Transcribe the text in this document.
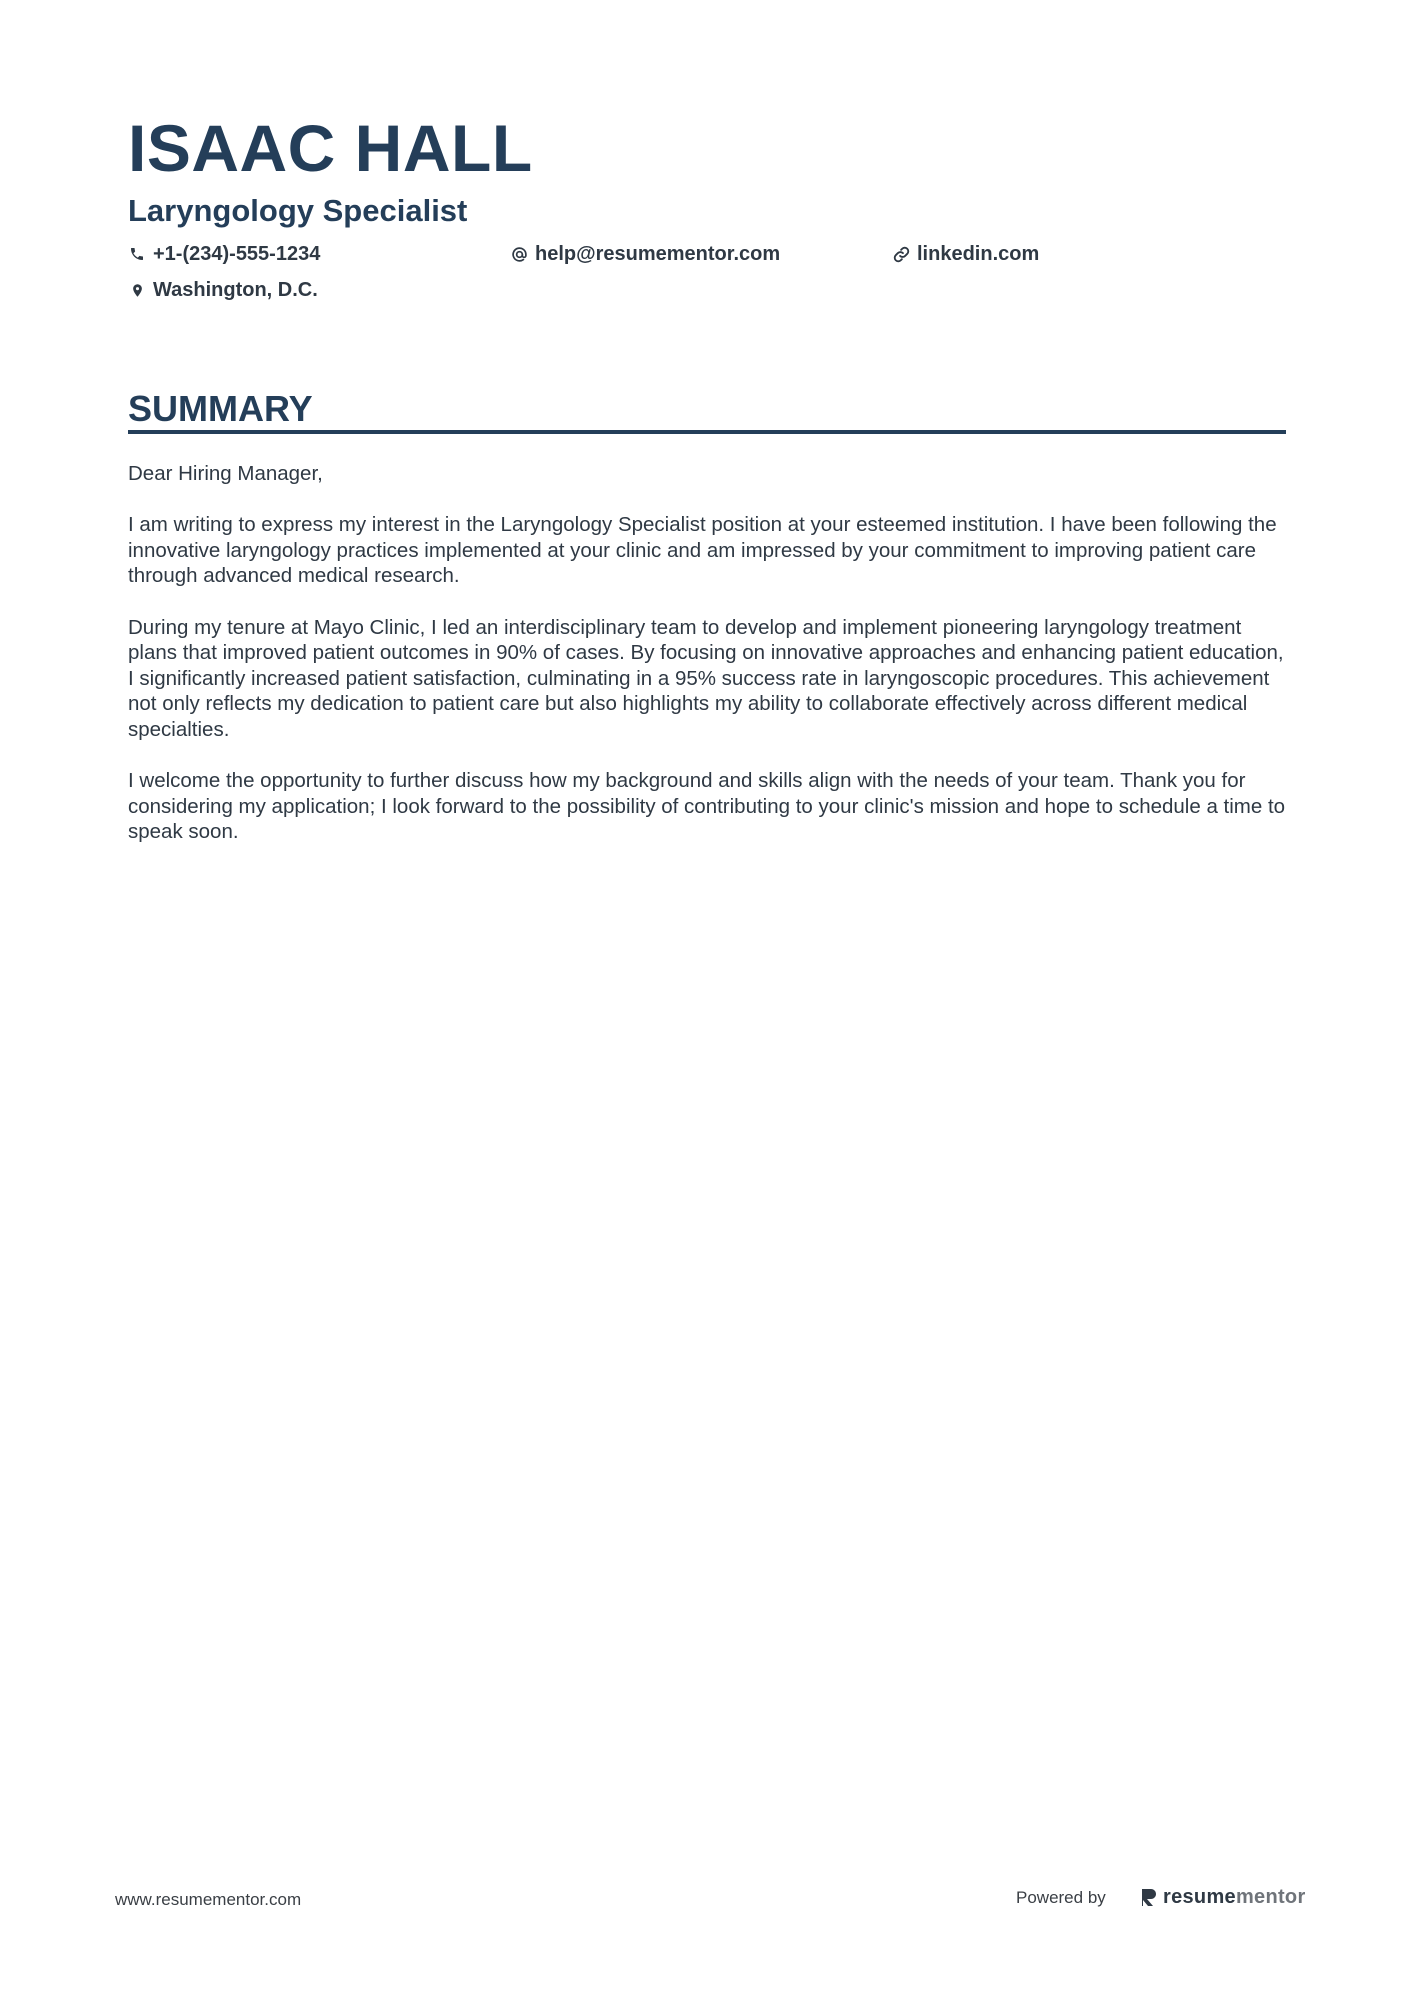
ISAAC HALL
Laryngology Specialist
+1-(234)-555-1234	help@resumementor.com	linkedin.com
Washington, D.C.
SUMMARY

Dear Hiring Manager,

I am writing to express my interest in the Laryngology Specialist position at your esteemed institution. I have been following the innovative laryngology practices implemented at your clinic and am impressed by your commitment to improving patient care through advanced medical research.

During my tenure at Mayo Clinic, I led an interdisciplinary team to develop and implement pioneering laryngology treatment plans that improved patient outcomes in 90% of cases. By focusing on innovative approaches and enhancing patient education, I significantly increased patient satisfaction, culminating in a 95% success rate in laryngoscopic procedures. This achievement not only reflects my dedication to patient care but also highlights my ability to collaborate effectively across different medical specialties.

I welcome the opportunity to further discuss how my background and skills align with the needs of your team. Thank you for considering my application; I look forward to the possibility of contributing to your clinic's mission and hope to schedule a time to speak soon.

www.resumementor.com	Powered by	resumementor
